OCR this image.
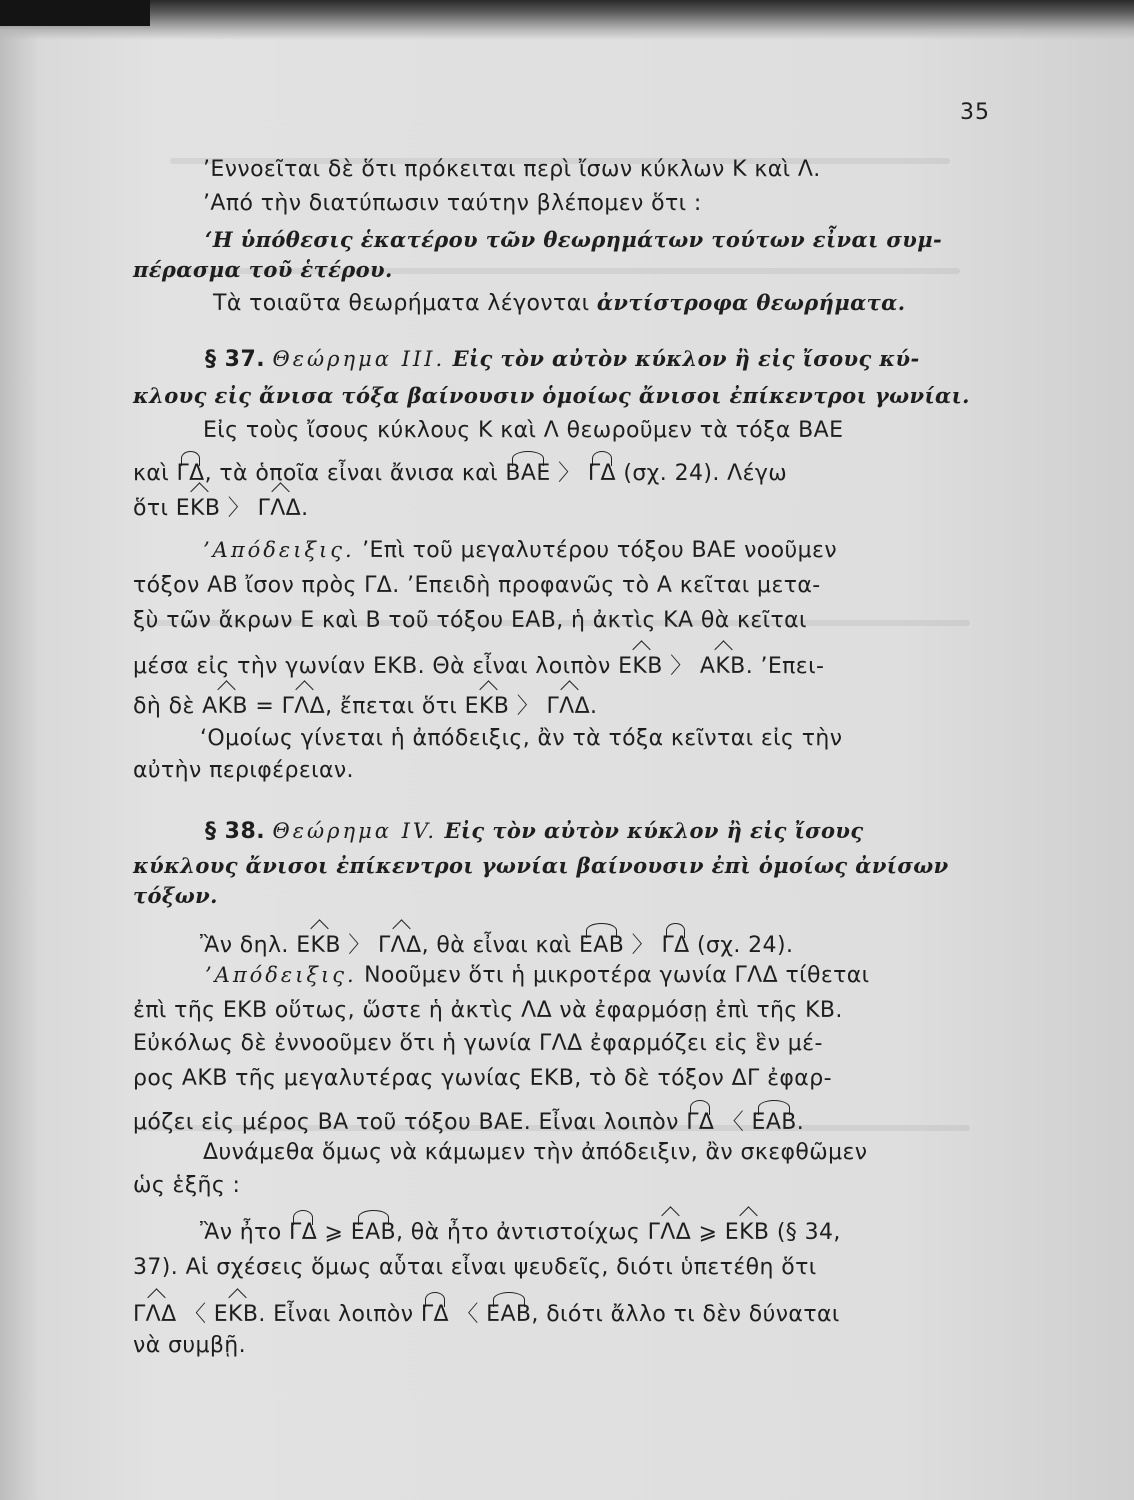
35
’Εννοεῖται δὲ ὅτι πρόκειται περὶ ἴσων κύκλων Κ καὶ Λ.
’Από τὴν διατύπωσιν ταύτην βλέπομεν ὅτι :
‘Η ὑπόθεσις ἑκατέρου τῶν θεωρημάτων τούτων εἶναι συμ-
πέρασμα τοῦ ἑτέρου.
Τὰ τοιαῦτα θεωρήματα λέγονται ἀντίστροφα θεωρήματα.
§ 37. Θεώρημα III. Εἰς τὸν αὐτὸν κύκλον ἢ εἰς ἴσους κύ-
κλους εἰς ἄνισα τόξα βαίνουσιν ὁμοίως ἄνισοι ἐπίκεντροι γωνίαι.
Εἰς τοὺς ἴσους κύκλους Κ καὶ Λ θεωροῦμεν τὰ τόξα ΒΑΕ
καὶ ΓΔ, τὰ ὁποῖα εἶναι ἄνισα καὶ ΒΑΕ 〉 ΓΔ (σχ. 24). Λέγω
ὅτι ΕΚΒ 〉 ΓΛΔ.
’Απόδειξις. ’Επὶ τοῦ μεγαλυτέρου τόξου ΒΑΕ νοοῦμεν
τόξον ΑΒ ἴσον πρὸς ΓΔ. ’Επειδὴ προφανῶς τὸ Α κεῖται μετα-
ξὺ τῶν ἄκρων Ε καὶ Β τοῦ τόξου ΕΑΒ, ἡ ἀκτὶς ΚΑ θὰ κεῖται
μέσα εἰς τὴν γωνίαν ΕΚΒ. Θὰ εἶναι λοιπὸν ΕΚΒ 〉 ΑΚΒ. ’Επει-
δὴ δὲ ΑΚΒ = ΓΛΔ, ἔπεται ὅτι ΕΚΒ 〉 ΓΛΔ.
‘Ομοίως γίνεται ἡ ἀπόδειξις, ἂν τὰ τόξα κεῖνται εἰς τὴν
αὐτὴν περιφέρειαν.
§ 38. Θεώρημα IV. Εἰς τὸν αὐτὸν κύκλον ἢ εἰς ἴσους
κύκλους ἄνισοι ἐπίκεντροι γωνίαι βαίνουσιν ἐπὶ ὁμοίως ἀνίσων
τόξων.
Ἂν δηλ. ΕΚΒ 〉 ΓΛΔ, θὰ εἶναι καὶ ΕΑΒ 〉 ΓΔ (σχ. 24).
’Απόδειξις. Νοοῦμεν ὅτι ἡ μικροτέρα γωνία ΓΛΔ τίθεται
ἐπὶ τῆς ΕΚΒ οὕτως, ὥστε ἡ ἀκτὶς ΛΔ νὰ ἐφαρμόσῃ ἐπὶ τῆς ΚΒ.
Εὐκόλως δὲ ἐννοοῦμεν ὅτι ἡ γωνία ΓΛΔ ἐφαρμόζει εἰς ἓν μέ-
ρος ΑΚΒ τῆς μεγαλυτέρας γωνίας ΕΚΒ, τὸ δὲ τόξον ΔΓ ἐφαρ-
μόζει εἰς μέρος ΒΑ τοῦ τόξου ΒΑΕ. Εἶναι λοιπὸν ΓΔ 〈 ΕΑΒ.
Δυνάμεθα ὅμως νὰ κάμωμεν τὴν ἀπόδειξιν, ἂν σκεφθῶμεν
ὡς ἑξῆς :
Ἂν ἦτο ΓΔ ⩾ ΕΑΒ, θὰ ἦτο ἀντιστοίχως ΓΛΔ ⩾ ΕΚΒ (§ 34,
37). Αἱ σχέσεις ὅμως αὗται εἶναι ψευδεῖς, διότι ὑπετέθη ὅτι
ΓΛΔ 〈 ΕΚΒ. Εἶναι λοιπὸν ΓΔ 〈 ΕΑΒ, διότι ἄλλο τι δὲν δύναται
νὰ συμβῇ.
